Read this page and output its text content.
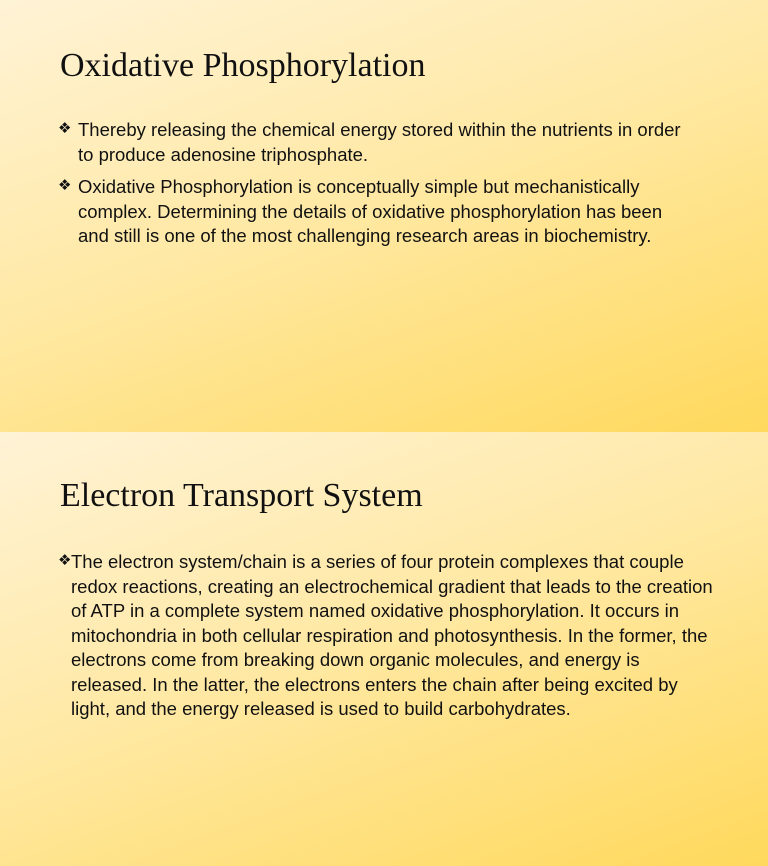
Oxidative Phosphorylation
❖ Thereby releasing the chemical energy stored within the nutrients in order to produce adenosine triphosphate.
❖ Oxidative Phosphorylation is conceptually simple but mechanistically complex. Determining the details of oxidative phosphorylation has been and still is one of the most challenging research areas in biochemistry.
Electron Transport System
❖ The electron system/chain is a series of four protein complexes that couple redox reactions, creating an electrochemical gradient that leads to the creation of ATP in a complete system named oxidative phosphorylation. It occurs in mitochondria in both cellular respiration and photosynthesis. In the former, the electrons come from breaking down organic molecules, and energy is released. In the latter, the electrons enters the chain after being excited by light, and the energy released is used to build carbohydrates.
